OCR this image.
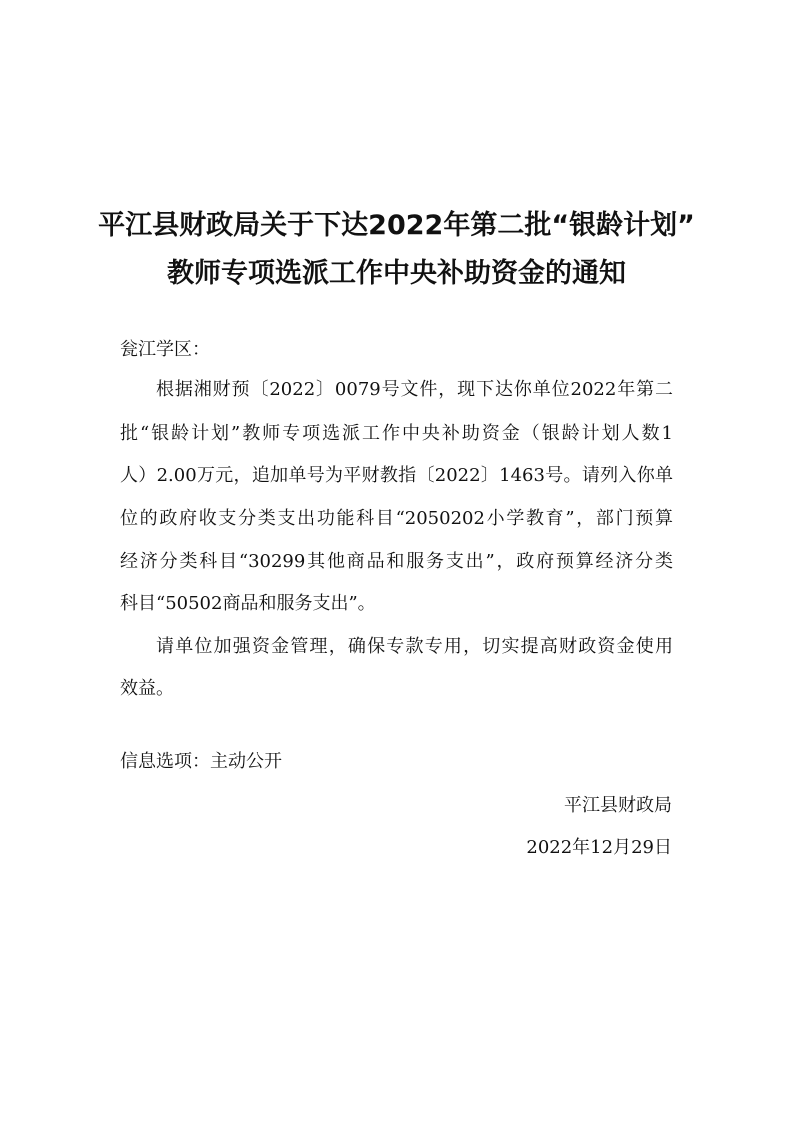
平江县财政局关于下达2022年第二批“银龄计划”
教师专项选派工作中央补助资金的通知
瓮江学区：
根据湘财预〔2022〕0079号文件，现下达你单位2022年第二
批“银龄计划”教师专项选派工作中央补助资金（银龄计划人数1
人）2.00万元，追加单号为平财教指〔2022〕1463号。请列入你单
位的政府收支分类支出功能科目“2050202小学教育”，部门预算
经济分类科目“30299其他商品和服务支出”，政府预算经济分类
科目“50502商品和服务支出”。
请单位加强资金管理，确保专款专用，切实提高财政资金使用
效益。
信息选项：主动公开
平江县财政局
2022年12月29日
